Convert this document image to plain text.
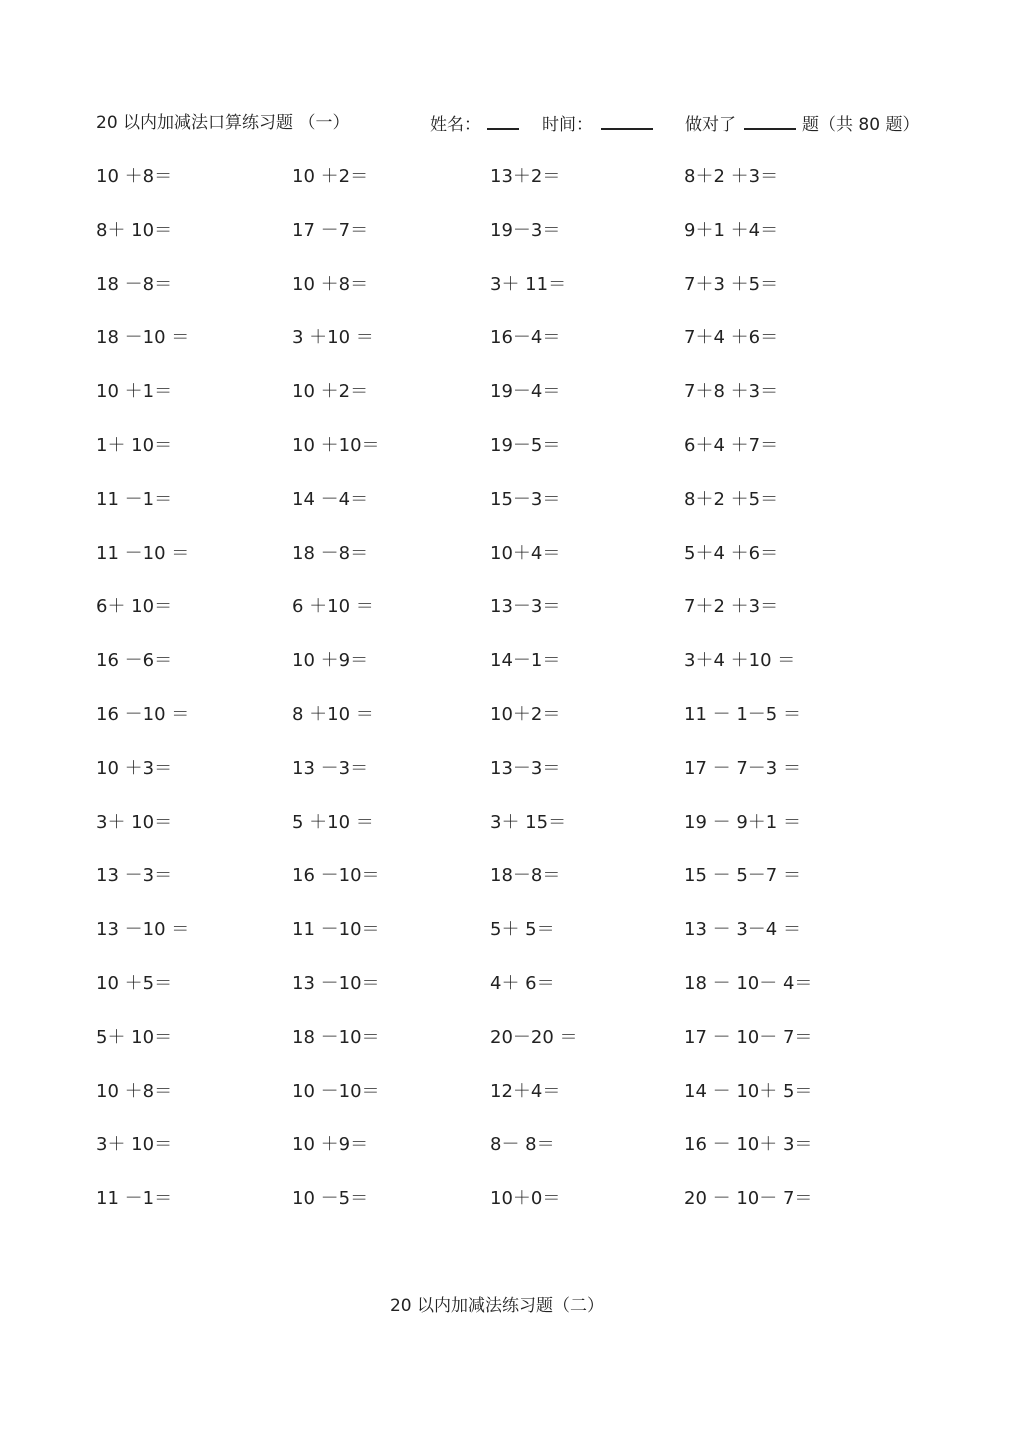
20 以内加减法口算练习题 （一）	姓名：	时间：	做对了	题（共 80 题）
10 ＋8＝	10 ＋2＝	13＋2＝	8＋2 ＋3＝
8＋ 10＝	17 －7＝	19－3＝	9＋1 ＋4＝
18 －8＝	10 ＋8＝	3＋ 11＝	7＋3 ＋5＝
18 －10 ＝	3 ＋10 ＝	16－4＝	7＋4 ＋6＝
10 ＋1＝	10 ＋2＝	19－4＝	7＋8 ＋3＝
1＋ 10＝	10 ＋10＝	19－5＝	6＋4 ＋7＝
11 －1＝	14 －4＝	15－3＝	8＋2 ＋5＝
11 －10 ＝	18 －8＝	10＋4＝	5＋4 ＋6＝
6＋ 10＝	6 ＋10 ＝	13－3＝	7＋2 ＋3＝
16 －6＝	10 ＋9＝	14－1＝	3＋4 ＋10 ＝
16 －10 ＝	8 ＋10 ＝	10＋2＝	11 － 1－5 ＝
10 ＋3＝	13 －3＝	13－3＝	17 － 7－3 ＝
3＋ 10＝	5 ＋10 ＝	3＋ 15＝	19 － 9＋1 ＝
13 －3＝	16 －10＝	18－8＝	15 － 5－7 ＝
13 －10 ＝	11 －10＝	5＋ 5＝	13 － 3－4 ＝
10 ＋5＝	13 －10＝	4＋ 6＝	18 － 10－ 4＝
5＋ 10＝	18 －10＝	20－20 ＝	17 － 10－ 7＝
10 ＋8＝	10 －10＝	12＋4＝	14 － 10＋ 5＝
3＋ 10＝	10 ＋9＝	8－ 8＝	16 － 10＋ 3＝
11 －1＝	10 －5＝	10＋0＝	20 － 10－ 7＝
20 以内加减法练习题（二）
